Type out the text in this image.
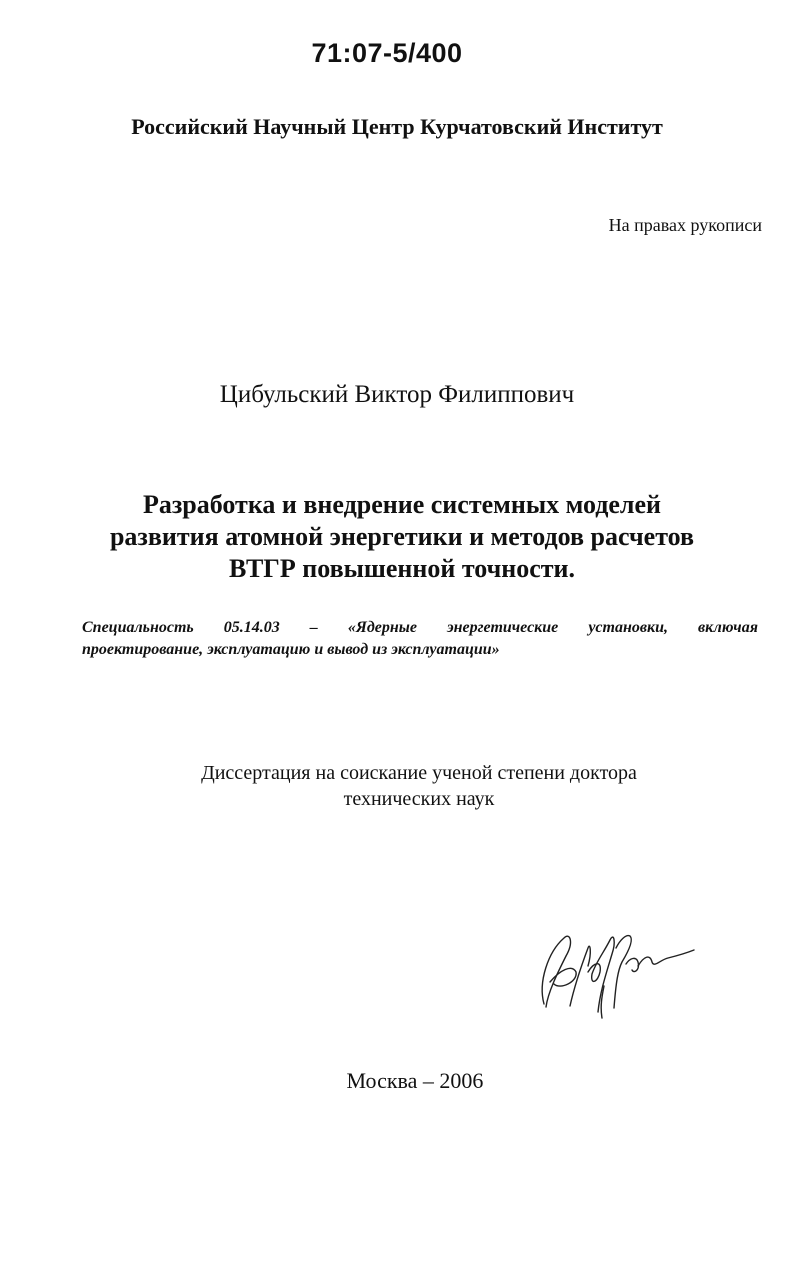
71:07-5/400
Российский Научный Центр Курчатовский Институт
На правах рукописи
Цибульский Виктор Филиппович
Разработка и внедрение системных моделей
развития атомной энергетики и методов расчетов
ВТГР повышенной точности.
Специальность 05.14.03 – «Ядерные энергетические установки, включая
проектирование, эксплуатацию и вывод из эксплуатации»
Диссертация на соискание ученой степени доктора
технических наук
Москва – 2006
